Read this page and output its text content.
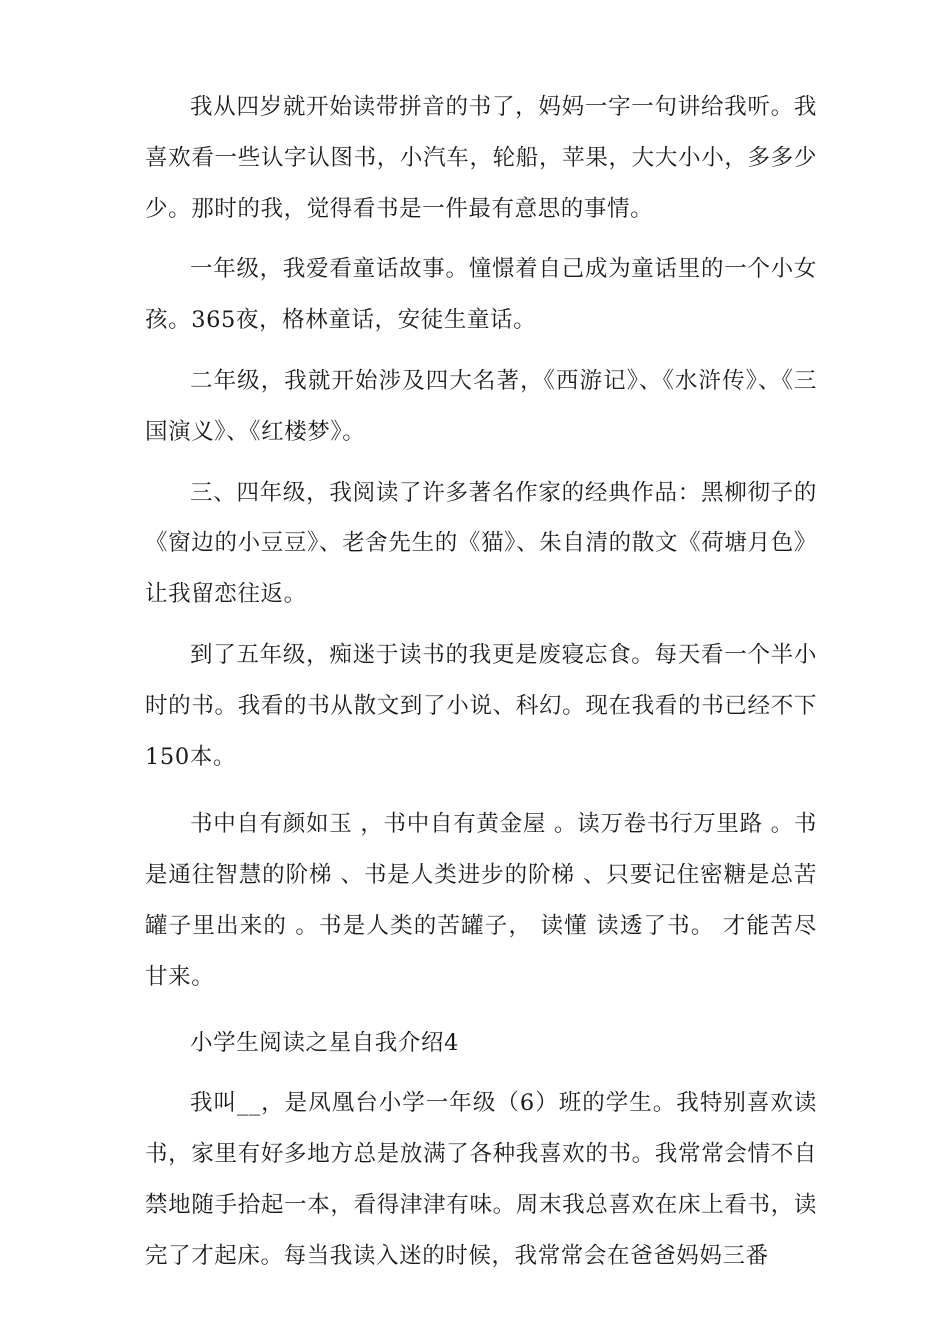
我从四岁就开始读带拼音的书了，妈妈一字一句讲给我听。我喜欢看一些认字认图书，小汽车，轮船，苹果，大大小小，多多少少。那时的我，觉得看书是一件最有意思的事情。

一年级，我爱看童话故事。憧憬着自己成为童话里的一个小女孩。365夜，格林童话，安徒生童话。

二年级，我就开始涉及四大名著，《西游记》、《水浒传》、《三国演义》、《红楼梦》。

三、四年级，我阅读了许多著名作家的经典作品：黑柳彻子的《窗边的小豆豆》、老舍先生的《猫》、朱自清的散文《荷塘月色》让我留恋往返。

到了五年级，痴迷于读书的我更是废寝忘食。每天看一个半小时的书。我看的书从散文到了小说、科幻。现在我看的书已经不下150本。

书中自有颜如玉 ，书中自有黄金屋 。读万卷书行万里路 。书是通往智慧的阶梯 、书是人类进步的阶梯 、只要记住密糖是总苦罐子里出来的 。书是人类的苦罐子， 读懂 读透了书。 才能苦尽甘来。

小学生阅读之星自我介绍4

我叫__，是凤凰台小学一年级（6）班的学生。我特别喜欢读书，家里有好多地方总是放满了各种我喜欢的书。我常常会情不自禁地随手拾起一本，看得津津有味。周末我总喜欢在床上看书，读完了才起床。每当我读入迷的时候，我常常会在爸爸妈妈三番
